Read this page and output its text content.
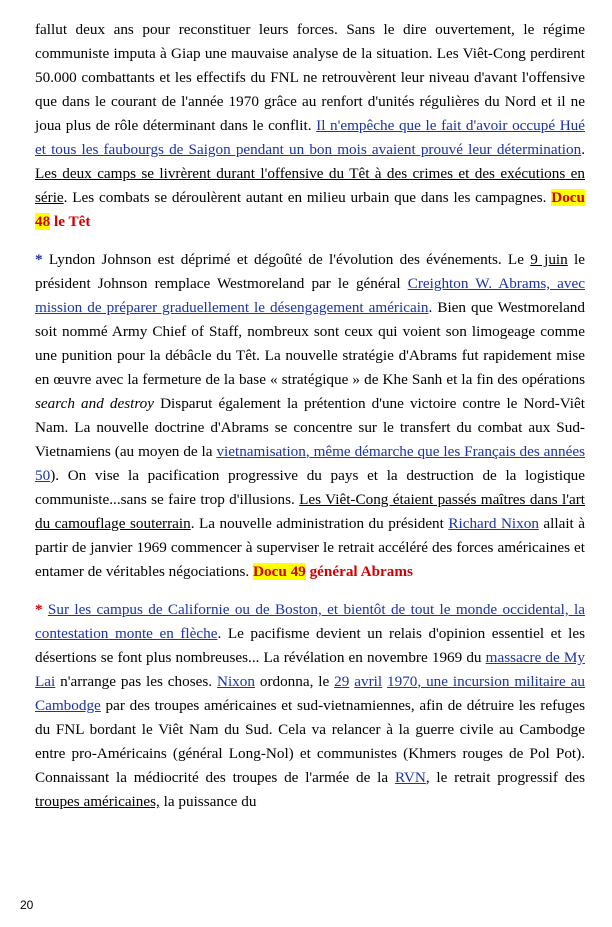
fallut deux ans pour reconstituer leurs forces. Sans le dire ouvertement, le régime communiste imputa à Giap une mauvaise analyse de la situation. Les Viêt-Cong perdirent 50.000 combattants et les effectifs du FNL ne retrouvèrent leur niveau d'avant l'offensive que dans le courant de l'année 1970 grâce au renfort d'unités régulières du Nord et il ne joua plus de rôle déterminant dans le conflit. Il n'empêche que le fait d'avoir occupé Hué et tous les faubourgs de Saigon pendant un bon mois avaient prouvé leur détermination. Les deux camps se livrèrent durant l'offensive du Têt à des crimes et des exécutions en série. Les combats se déroulèrent autant en milieu urbain que dans les campagnes. Docu 48 le Têt

* Lyndon Johnson est déprimé et dégoûté de l'évolution des événements. Le 9 juin le président Johnson remplace Westmoreland par le général Creighton W. Abrams, avec mission de préparer graduellement le désengagement américain. Bien que Westmoreland soit nommé Army Chief of Staff, nombreux sont ceux qui voient son limogeage comme une punition pour la débâcle du Têt. La nouvelle stratégie d'Abrams fut rapidement mise en œuvre avec la fermeture de la base « stratégique » de Khe Sanh et la fin des opérations search and destroy Disparut également la prétention d'une victoire contre le Nord-Viêt Nam. La nouvelle doctrine d'Abrams se concentre sur le transfert du combat aux Sud-Vietnamiens (au moyen de la vietnamisation, même démarche que les Français des années 50). On vise la pacification progressive du pays et la destruction de la logistique communiste...sans se faire trop d'illusions. Les Viêt-Cong étaient passés maîtres dans l'art du camouflage souterrain. La nouvelle administration du président Richard Nixon allait à partir de janvier 1969 commencer à superviser le retrait accéléré des forces américaines et entamer de véritables négociations. Docu 49 général Abrams

* Sur les campus de Californie ou de Boston, et bientôt de tout le monde occidental, la contestation monte en flèche. Le pacifisme devient un relais d'opinion essentiel et les désertions se font plus nombreuses... La révélation en novembre 1969 du massacre de My Lai n'arrange pas les choses. Nixon ordonna, le 29 avril 1970, une incursion militaire au Cambodge par des troupes américaines et sud-vietnamiennes, afin de détruire les refuges du FNL bordant le Viêt Nam du Sud. Cela va relancer à la guerre civile au Cambodge entre pro-Américains (général Long-Nol) et communistes (Khmers rouges de Pol Pot). Connaissant la médiocrité des troupes de l'armée de la RVN, le retrait progressif des troupes américaines, la puissance du

20
